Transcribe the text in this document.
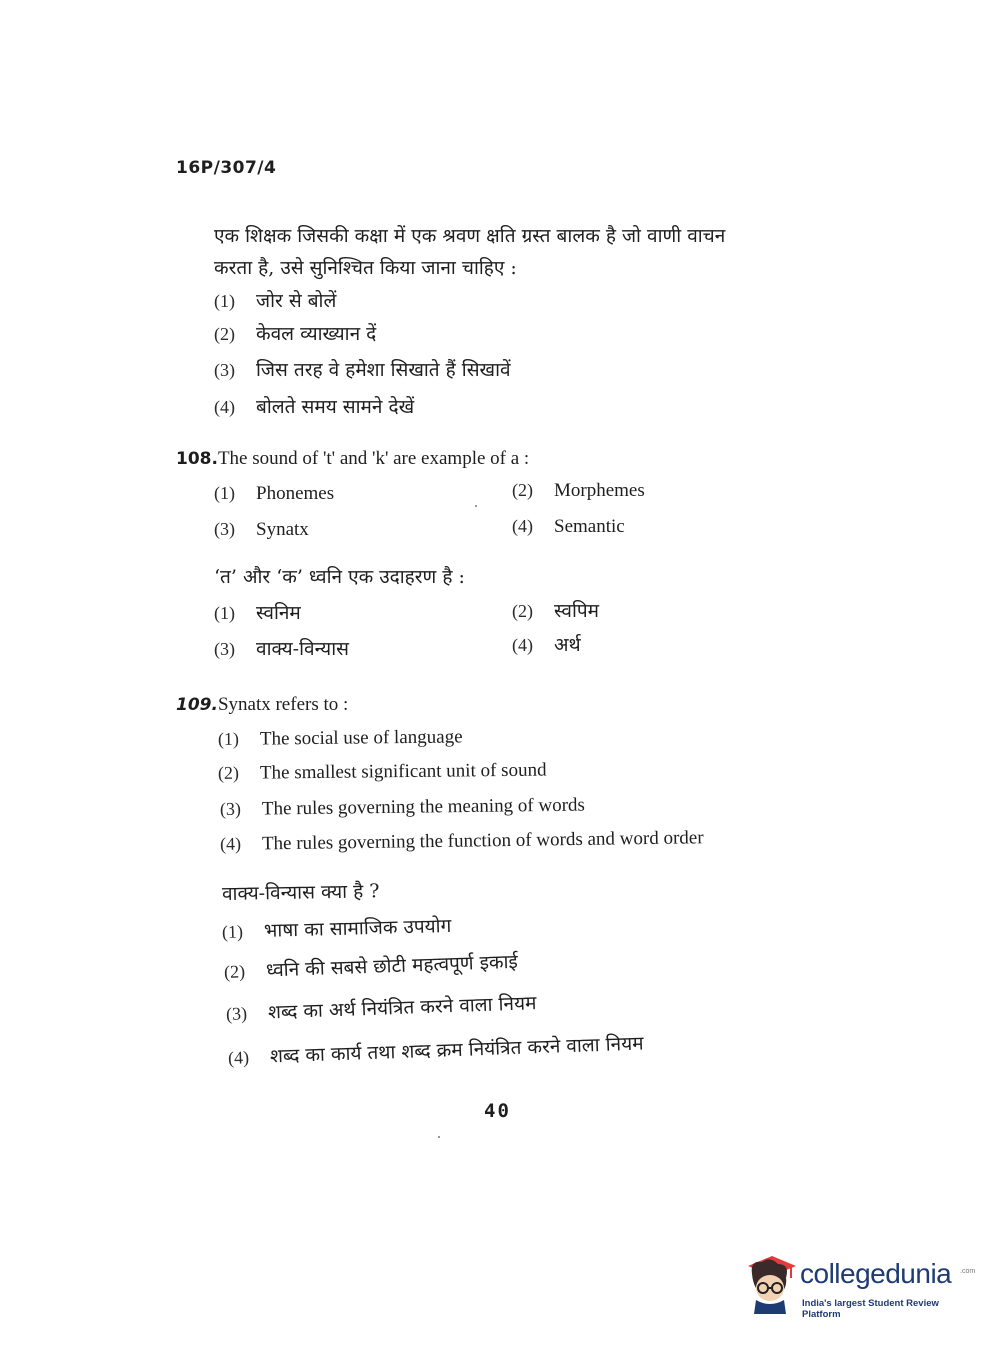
16P/307/4
एक शिक्षक जिसकी कक्षा में एक श्रवण क्षति ग्रस्त बालक है जो वाणी वाचन
करता है, उसे सुनिश्चित किया जाना चाहिए :
(1) जोर से बोलें
(2) केवल व्याख्यान दें
(3) जिस तरह वे हमेशा सिखाते हैं सिखावें
(4) बोलते समय सामने देखें
108.The sound of 't' and 'k' are example of a :
(1) Phonemes	(2) Morphemes
(3) Synatx	(4) Semantic
‘त’ और ‘क’ ध्वनि एक उदाहरण है :
(1) स्वनिम	(2) स्वपिम
(3) वाक्य-विन्यास	(4) अर्थ
109.Synatx refers to :
(1) The social use of language
(2) The smallest significant unit of sound
(3) The rules governing the meaning of words
(4) The rules governing the function of words and word order
वाक्य-विन्यास क्या है ?
(1) भाषा का सामाजिक उपयोग
(2) ध्वनि की सबसे छोटी महत्वपूर्ण इकाई
(3) शब्द का अर्थ नियंत्रित करने वाला नियम
(4) शब्द का कार्य तथा शब्द क्रम नियंत्रित करने वाला नियम
40
collegedunia .com
India's largest Student Review Platform
